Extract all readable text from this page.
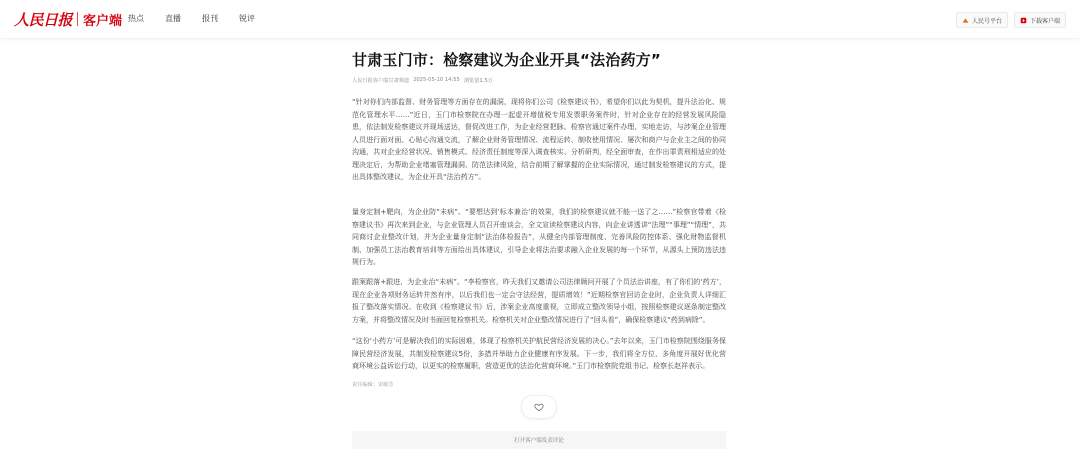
人民日报 客户端 热点	直播	报刊	锐评	人民号平台	下载客户端
甘肃玉门市：检察建议为企业开具“法治药方”
人民日报客户端甘肃频道 2025-05-10 14:55 浏览量1.5万

“针对你们内部监督、财务管理等方面存在的漏洞，现将你们公司《检察建议书》，希望你们以此为契机，提升法治化、规范化管理水平……”近日，玉门市检察院在办理一起虚开增值税专用发票职务案件时，针对企业存在的经营发展风险隐患，依法制发检察建议并现场送达，督促改进工作，为企业经营把脉。检察官通过案件办理、实地走访，与涉案企业管理人员进行面对面、心贴心沟通交流，了解企业财务管理情况、流程运转、制收使用情况、屡次和商户与企业主之间的协同沟通，共对企业经营状况、销售模式、经济责任制度等深入调查核实、分析研判，经全面审查，在作出罪责刑相适应的处理决定后，为帮助企业堵塞管理漏洞、防范法律风险，结合前期了解掌握的企业实际情况，通过制发检察建议的方式，提出具体整改建议，为企业开具“法治药方”。

量身定制+靶向，为企业防“未病”。“要想达到‘标本兼治’的效果，我们的检察建议就不能一送了之……”检察官带着《检察建议书》再次来到企业，与企业管理人员召开座谈会，全文宣读检察建议内容，向企业讲透讲“法理”“事理”“情理”，共同商讨企业整改计划，并为企业量身定制“法治体检报告”，从健全内部管理制度、完善风险防控体系、强化财物监督机制、加强员工法治教育培训等方面给出具体建议，引导企业将法治要求融入企业发展的每一个环节，从源头上预防违法违规行为。

跟案跟落+跟进，为企业治“未病”。“李检察官，昨天我们又邀请公司法律顾问开展了个员法治讲座，有了你们的‘药方’，现在企业各项财务运转井然有序，以后我们也一定会守法经营，提质增效！”近期检察官回访企业时，企业负责人详细汇报了整改落实情况。在收到《检察建议书》后，涉案企业高度重视，立即成立整改领导小组，按照检察建议逐条制定整改方案，并将整改情况及时书面回复检察机关。检察机关对企业整改情况进行了“回头看”，确保检察建议“药到病除”。

“这份‘小药方’可是解决我们的实际困难，体现了检察机关护航民营经济发展的决心。”去年以来，玉门市检察院围绕服务保障民营经济发展，共制发检察建议5份，多措并举助力企业健康有序发展。下一步，我们将全方位、多角度开展好优化营商环境公益诉讼行动，以更实的检察履职，营造更优的法治化营商环境。”玉门市检察院党组书记、检察长赵祥表示。

责任编辑：宋敏芳
打开客户端发表评论
